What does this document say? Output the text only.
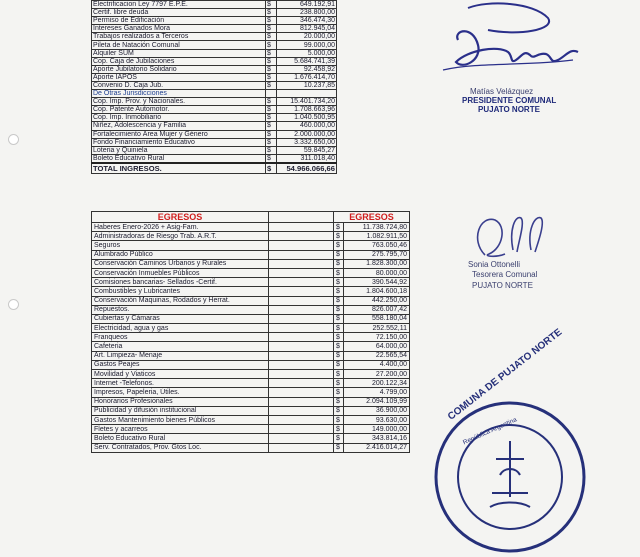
Electrificacion Ley 7797 E.P.E.	$	649.192,91
Certif. libre deuda	$	238.800,00
Permiso de Edificación	$	346.474,30
Intereses Ganados Mora	$	812.945,04
Trabajos realizados a Terceros	$	20.000,00
Pileta de Natación Comunal	$	99.000,00
Alquiler SUM	$	5.000,00
Cop. Caja de Jubilaciones	$	5.684.741,39
Aporte Jubilatorio Solidario	$	92.458,92
Aporte IAPOS	$	1.676.414,70
Convenio D. Caja Jub.	$	10.237,85
De Otras Jurisdicciones		
Cop. Imp. Prov. y Nacionales.	$	15.401.734,20
Cop. Patente Automotor.	$	1.708.663,96
Cop. Imp. Inmobiliario	$	1.040.500,95
Niñez, Adolescencia y Familia	$	460.000,00
Fortalecimiento Área Mujer y Género	$	2.000.000,00
Fondo Financiamiento Educativo	$	3.332.650,00
Loteria y Quiniela	$	59.845,27
Boleto Educativo Rural	$	311.018,40
TOTAL INGRESOS.	$	54.966.066,66
EGRESOS		EGRESOS	
Haberes Enero-2026 + Asig-Fam.		$	11.738.724,80
Administradoras de Riesgo Trab. A.R.T.		$	1.082.911,50
Seguros		$	763.050,46
Alumbrado Público		$	275.795,70
Conservación Caminos Urbanos y Rurales		$	1.828.300,00
Conservación Inmuebles Públicos		$	80.000,00
Comisiones bancarias- Sellados -Certif.		$	390.544,92
Combustibles y Lubricantes		$	1.804.600,18
Conservación Maquinas, Rodados y Herrat.		$	442.250,00
Repuestos.		$	826.007,42
Cubiertas y Cámaras		$	558.180,04
Electricidad, agua y gas		$	252.552,11
Franqueos		$	72.150,00
Cafeteria		$	64.000,00
Art. Limpieza- Menaje		$	22.565,54
Gastos Peajes		$	4.400,00
Movilidad y Viaticos		$	27.200,00
Internet -Telefonos.		$	200.122,34
Impresos, Papeleria, Útiles.		$	4.799,00
Honorarios Profesionales		$	2.094.109,99
Publicidad y difusión institucional		$	36.900,00
Gastos Mantenimiento bienes Públicos		$	93.630,00
Fletes y acarreos		$	149.000,00
Boleto Educativo Rural		$	343.814,16
Serv. Contratados, Prov. Gtos Loc.		$	2.416.014,27
Matías Velázquez
PRESIDENTE COMUNAL
PUJATO NORTE
Sonia Ottonelli
Tesorera Comunal
PUJATO NORTE
COMUNA DE PUJATO NORTE
República Argentina
